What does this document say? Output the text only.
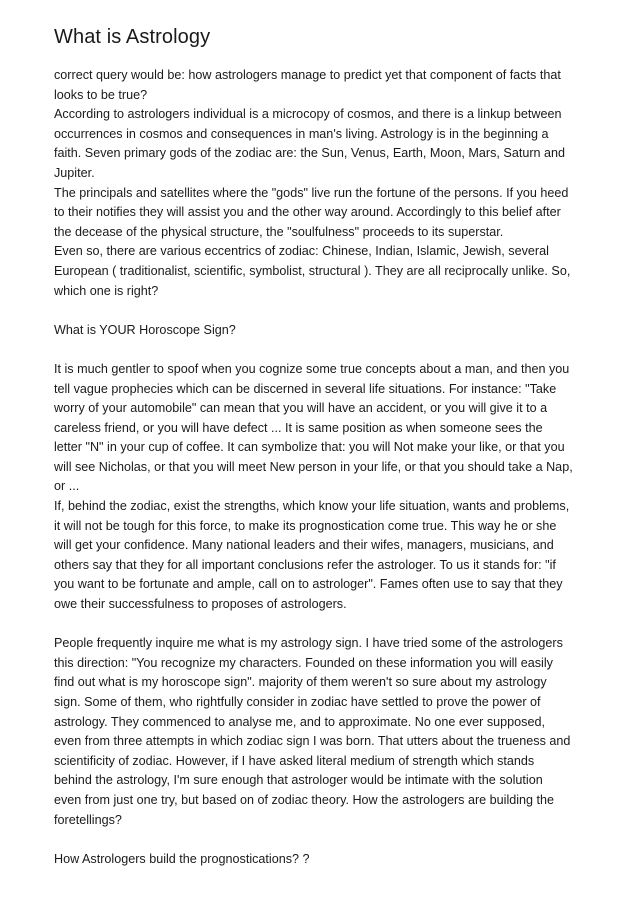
What is Astrology
correct query would be: how astrologers manage to predict yet that component of facts that
looks to be true?
According to astrologers individual is a microcopy of cosmos, and there is a linkup between
occurrences in cosmos and consequences in man's living. Astrology is in the beginning a
faith. Seven primary gods of the zodiac are: the Sun, Venus, Earth, Moon, Mars, Saturn and
Jupiter.
The principals and satellites where the "gods" live run the fortune of the persons. If you heed
to their notifies they will assist you and the other way around. Accordingly to this belief after
the decease of the physical structure, the "soulfulness" proceeds to its superstar.
Even so, there are various eccentrics of zodiac: Chinese, Indian, Islamic, Jewish, several
European ( traditionalist, scientific, symbolist, structural ). They are all reciprocally unlike. So,
which one is right?
What is YOUR Horoscope Sign?
It is much gentler to spoof when you cognize some true concepts about a man, and then you
tell vague prophecies which can be discerned in several life situations. For instance: "Take
worry of your automobile" can mean that you will have an accident, or you will give it to a
careless friend, or you will have defect ... It is same position as when someone sees the
letter "N" in your cup of coffee. It can symbolize that: you will Not make your like, or that you
will see Nicholas, or that you will meet New person in your life, or that you should take a Nap,
or ...
If, behind the zodiac, exist the strengths, which know your life situation, wants and problems,
it will not be tough for this force, to make its prognostication come true. This way he or she
will get your confidence. Many national leaders and their wifes, managers, musicians, and
others say that they for all important conclusions refer the astrologer. To us it stands for: "if
you want to be fortunate and ample, call on to astrologer". Fames often use to say that they
owe their successfulness to proposes of astrologers.
People frequently inquire me what is my astrology sign. I have tried some of the astrologers
this direction: "You recognize my characters. Founded on these information you will easily
find out what is my horoscope sign". majority of them weren't so sure about my astrology
sign. Some of them, who rightfully consider in zodiac have settled to prove the power of
astrology. They commenced to analyse me, and to approximate. No one ever supposed,
even from three attempts in which zodiac sign I was born. That utters about the trueness and
scientificity of zodiac. However, if I have asked literal medium of strength which stands
behind the astrology, I'm sure enough that astrologer would be intimate with the solution
even from just one try, but based on of zodiac theory. How the astrologers are building the
foretellings?
How Astrologers build the prognostications? ?
